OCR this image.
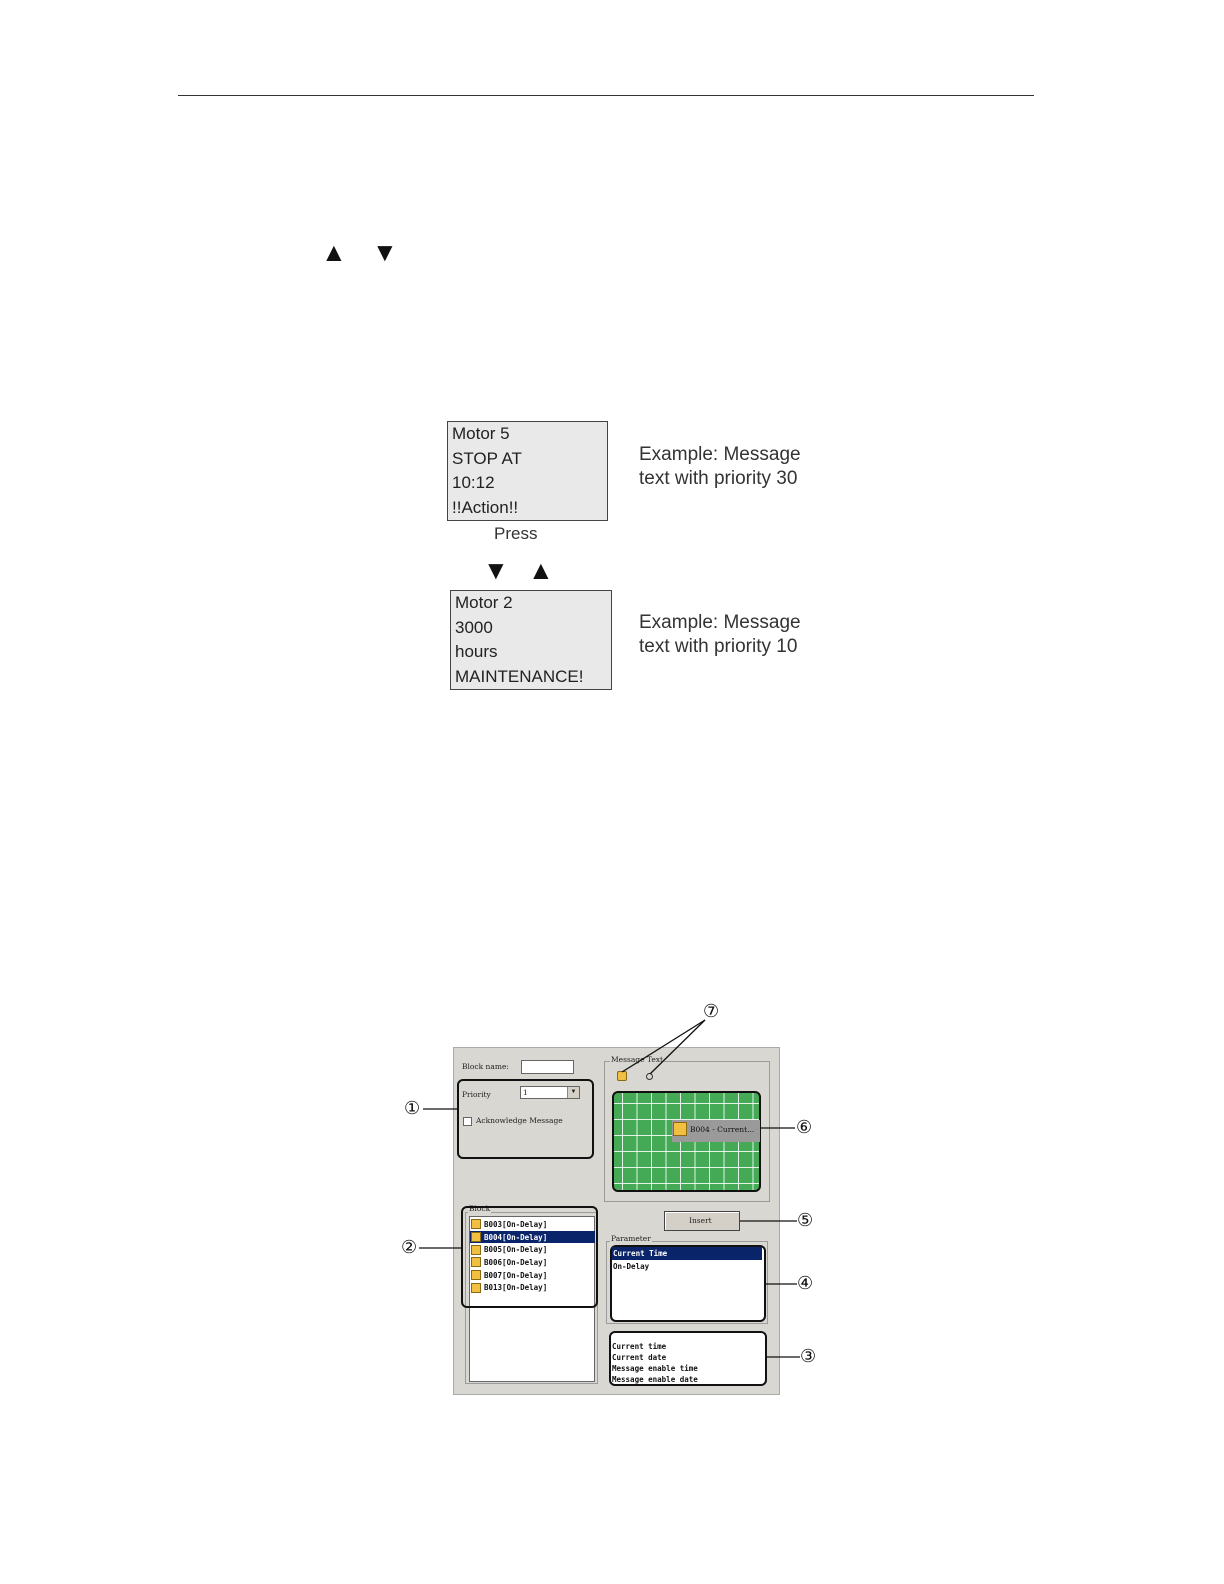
▲ ▼
Motor 5
STOP AT
10:12
!!Action!!
Example: Message
text with priority 30
Press
▼ ▲
Motor 2
3000
hours
MAINTENANCE!
Example: Message
text with priority 10
Block name:
Priority	1	▼
Acknowledge Message
Message Text
B004 - Current...
Block
B003[On-Delay]
B004[On-Delay]
B005[On-Delay]
B006[On-Delay]
B007[On-Delay]
B013[On-Delay]
Insert
Parameter
Current Time
On-Delay
Current time
Current date
Message enable time
Message enable date
①
②
③
④
⑤
⑥
⑦
